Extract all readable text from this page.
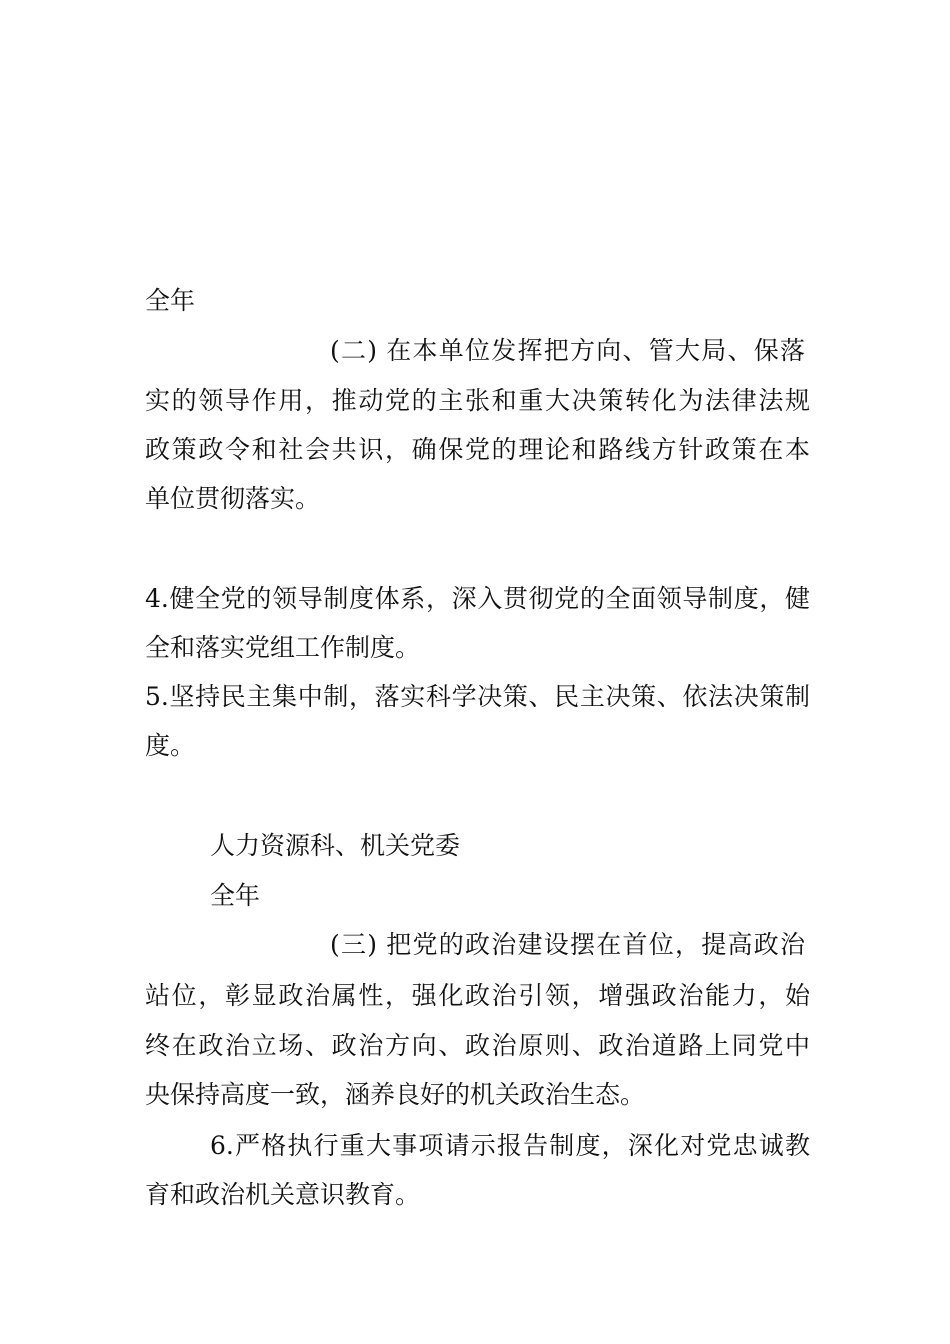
全年
(二) 在本单位发挥把方向、管大局、保落
实的领导作用，推动党的主张和重大决策转化为法律法规
政策政令和社会共识，确保党的理论和路线方针政策在本
单位贯彻落实。
4.健全党的领导制度体系，深入贯彻党的全面领导制度，健
全和落实党组工作制度。
5.坚持民主集中制，落实科学决策、民主决策、依法决策制
度。
人力资源科、机关党委
全年
(三) 把党的政治建设摆在首位，提高政治
站位，彰显政治属性，强化政治引领，增强政治能力，始
终在政治立场、政治方向、政治原则、政治道路上同党中
央保持高度一致，涵养良好的机关政治生态。
6.严格执行重大事项请示报告制度，深化对党忠诚教
育和政治机关意识教育。
